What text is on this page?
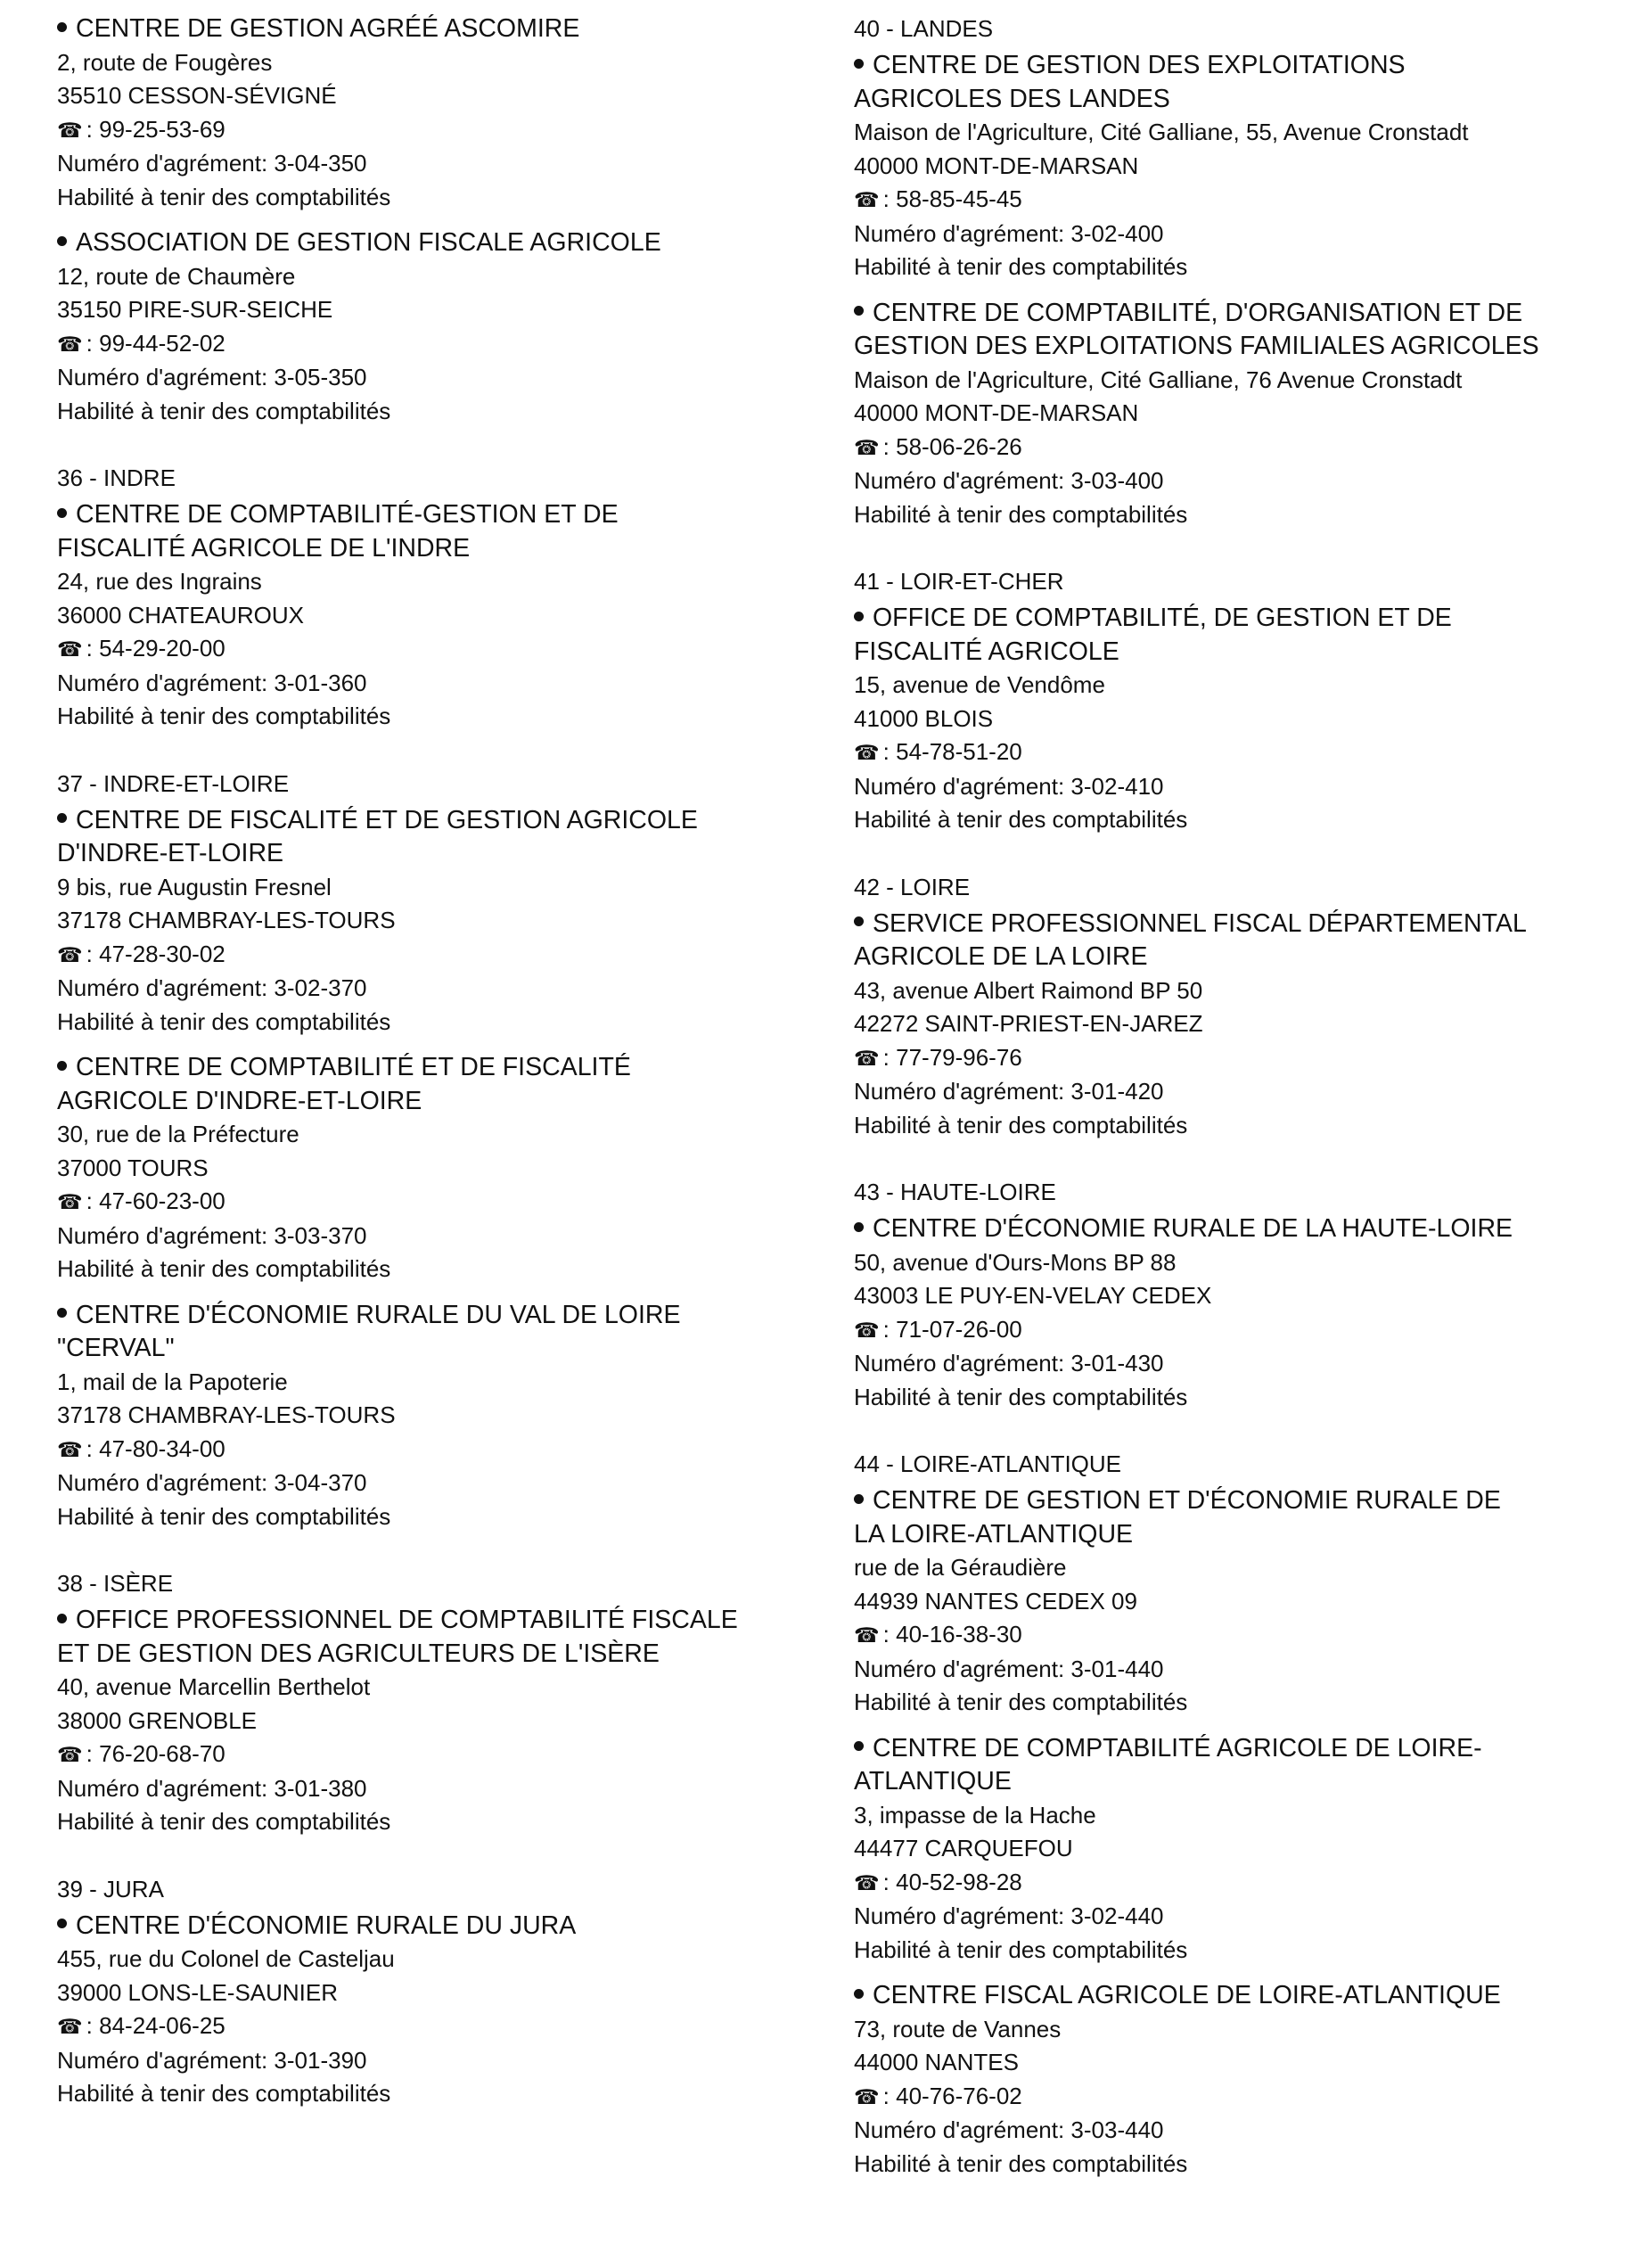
CENTRE DE GESTION AGRÉÉ ASCOMIRE
2, route de Fougères
35510 CESSON-SÉVIGNÉ
☎ : 99-25-53-69
Numéro d'agrément: 3-04-350
Habilité à tenir des comptabilités
ASSOCIATION DE GESTION FISCALE AGRICOLE
12, route de Chaumère
35150 PIRE-SUR-SEICHE
☎ : 99-44-52-02
Numéro d'agrément: 3-05-350
Habilité à tenir des comptabilités
36 - INDRE
CENTRE DE COMPTABILITÉ-GESTION ET DE
FISCALITÉ AGRICOLE DE L'INDRE
24, rue des Ingrains
36000 CHATEAUROUX
☎ : 54-29-20-00
Numéro d'agrément: 3-01-360
Habilité à tenir des comptabilités
37 - INDRE-ET-LOIRE
CENTRE DE FISCALITÉ ET DE GESTION AGRICOLE
D'INDRE-ET-LOIRE
9 bis, rue Augustin Fresnel
37178 CHAMBRAY-LES-TOURS
☎ : 47-28-30-02
Numéro d'agrément: 3-02-370
Habilité à tenir des comptabilités
CENTRE DE COMPTABILITÉ ET DE FISCALITÉ
AGRICOLE D'INDRE-ET-LOIRE
30, rue de la Préfecture
37000 TOURS
☎ : 47-60-23-00
Numéro d'agrément: 3-03-370
Habilité à tenir des comptabilités
CENTRE D'ÉCONOMIE RURALE DU VAL DE LOIRE
"CERVAL"
1, mail de la Papoterie
37178 CHAMBRAY-LES-TOURS
☎ : 47-80-34-00
Numéro d'agrément: 3-04-370
Habilité à tenir des comptabilités
38 - ISÈRE
OFFICE PROFESSIONNEL DE COMPTABILITÉ FISCALE
ET DE GESTION DES AGRICULTEURS DE L'ISÈRE
40, avenue Marcellin Berthelot
38000 GRENOBLE
☎ : 76-20-68-70
Numéro d'agrément: 3-01-380
Habilité à tenir des comptabilités
39 - JURA
CENTRE D'ÉCONOMIE RURALE DU JURA
455, rue du Colonel de Casteljau
39000 LONS-LE-SAUNIER
☎ : 84-24-06-25
Numéro d'agrément: 3-01-390
Habilité à tenir des comptabilités
40 - LANDES
CENTRE DE GESTION DES EXPLOITATIONS
AGRICOLES DES LANDES
Maison de l'Agriculture, Cité Galliane, 55, Avenue Cronstadt
40000 MONT-DE-MARSAN
☎ : 58-85-45-45
Numéro d'agrément: 3-02-400
Habilité à tenir des comptabilités
CENTRE DE COMPTABILITÉ, D'ORGANISATION ET DE
GESTION DES EXPLOITATIONS FAMILIALES AGRICOLES
Maison de l'Agriculture, Cité Galliane, 76 Avenue Cronstadt
40000 MONT-DE-MARSAN
☎ : 58-06-26-26
Numéro d'agrément: 3-03-400
Habilité à tenir des comptabilités
41 - LOIR-ET-CHER
OFFICE DE COMPTABILITÉ, DE GESTION ET DE
FISCALITÉ AGRICOLE
15, avenue de Vendôme
41000 BLOIS
☎ : 54-78-51-20
Numéro d'agrément: 3-02-410
Habilité à tenir des comptabilités
42 - LOIRE
SERVICE PROFESSIONNEL FISCAL DÉPARTEMENTAL
AGRICOLE DE LA LOIRE
43, avenue Albert Raimond BP 50
42272 SAINT-PRIEST-EN-JAREZ
☎ : 77-79-96-76
Numéro d'agrément: 3-01-420
Habilité à tenir des comptabilités
43 - HAUTE-LOIRE
CENTRE D'ÉCONOMIE RURALE DE LA HAUTE-LOIRE
50, avenue d'Ours-Mons BP 88
43003 LE PUY-EN-VELAY CEDEX
☎ : 71-07-26-00
Numéro d'agrément: 3-01-430
Habilité à tenir des comptabilités
44 - LOIRE-ATLANTIQUE
CENTRE DE GESTION ET D'ÉCONOMIE RURALE DE
LA LOIRE-ATLANTIQUE
rue de la Géraudière
44939 NANTES CEDEX 09
☎ : 40-16-38-30
Numéro d'agrément: 3-01-440
Habilité à tenir des comptabilités
CENTRE DE COMPTABILITÉ AGRICOLE DE LOIRE-
ATLANTIQUE
3, impasse de la Hache
44477 CARQUEFOU
☎ : 40-52-98-28
Numéro d'agrément: 3-02-440
Habilité à tenir des comptabilités
CENTRE FISCAL AGRICOLE DE LOIRE-ATLANTIQUE
73, route de Vannes
44000 NANTES
☎ : 40-76-76-02
Numéro d'agrément: 3-03-440
Habilité à tenir des comptabilités
